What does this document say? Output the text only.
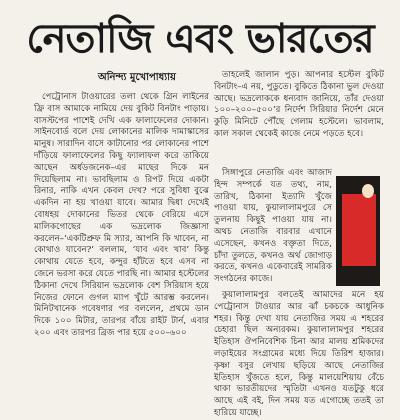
নেতাজি এবং ভারতের
অনিন্দ্য মুখোপাধ্যায়

পেট্রোনাস টাওয়ারের তলা থেকে গ্রিন লাইনের ফ্রি বাস আমাকে নামিয়ে দেয় বুকিট বিনটাং পাড়ায়। বাসস্টপের পাশেই দেখি এক ফালাফেলের দোকান। সাইনবোর্ড বলে দেয় লোকানের মালিক দামাস্কাসের মানুষ। সারাদিন বাসে কাটানোর পর লোকানের পাশে দাঁড়িয়ে ফালাফেলের কিছু ফ্যালাফল করে তাকিয়ে আছেন অর্ধডজনেক–এর মাছের দিকে মন দিয়েছিলাম না। ভাবছিলাম ও রিপট দিয়ে একটা রিনার, নাকি এখন কেবল দেখ? পরে সুবিধা বুঝে একদিন না হয় খাওয়া যাবে। আমার দ্বিধা দেখেই বোধহয় দোকানের ভিতর থেকে বেরিয়ে এসে মালিকগোছের এক ভদ্রলোক জিজ্ঞাসা করলেন–‘একটিপ্রুফ মি স্যার, আপনি কি খাবেন, না কোথাও যাবেন?’ বললাম, ‘যাব এবং খাব’ কিন্তু কোথায় যেতে হবে, কন্দুর হাঁটতে হবে এসব না জেনে ভরসা করে যেতে পারছি না। আমার হস্টেলের ঠিকানা দেখে সিরিয়ান ভদ্রলোক বেশ সিরিয়াস হয়ে নিজের ফোনে গুগল ম্যাপ খুঁটে আরম্ভ করলেন। মিনিটখানেক গবেষণার পর বললেন, প্রথমে ডান দিকে ১০০ মিটার, তারপর বাঁয়ে রাইট টার্ন, এবার ২০০ এবং তারপর ব্রিজ পার হয়ে ৫০০–৬০০

তাহলেই জালান পুড়। আপনার হস্টেল বুকিট বিনটাং–এ নয়, পুডুতে। বুকিতে ঠিকানা ভুল দেওয়া আছে। ভদ্রলোককে ধন্যবাদ জানিয়ে, তাঁর দেওয়া ১০০–২০০–৫০০’র নির্দেশ সিরিয়ার নির্দেশ মেনে কুড়ি মিনিটে পৌঁছে গেলাম হস্টেলে। ভাবলাম, কাল সকাল থেকেই কাজে নেমে পড়তে হবে।

সিঙ্গাপুরে নেতাজি এবং আজাদ হিন্দ সম্পর্কে যত তথ্য, নাম, তারিখ, ঠিকানা ইত্যাদি খুঁজে পাওয়া যায়, কুয়ালালামপুরে সে তুলনায় কিছুই পাওয়া যায় না। অথচ নেতাজি বারবার এখানে এসেছেন, কখনও বক্তৃতা দিতে, চাঁদা তুলতে, কখনও অর্থ জোগাড় করতে, কখনও একেবারেই সামরিক সংগঠনের কাজে।

কুয়ালালামপুর বলতেই আমাদের মনে হয় পেট্রোনাস টাওয়ার আর ঝাঁ চকচকে আধুনিক শহর। কিন্তু দেখা যায় নেতাজির সময় এ শহরের চেহারা ছিল অন্যরকম। কুয়ালালামপুর শহরের ইতিহাস ঔপনিবেশিক চিনা আর মালয় শ্রমিকদের লড়াইয়ের সংগ্রামের মধ্যে দিয়ে তিরিশ হাজার। কৃষ্ণা বসুর লেখায় ছড়িয়ে আছে নেতাজির ইতিহাস খুঁজতে হলে, কিন্তু মালয়েশিয়ায় বেঁচে থাকা ভারতীয়দের স্মৃতিটা এখনও যতটুকু ধরে আছে এই বই, দিন সময় যত এগোচ্ছে ততই তা হারিয়ে যাচ্ছে।
